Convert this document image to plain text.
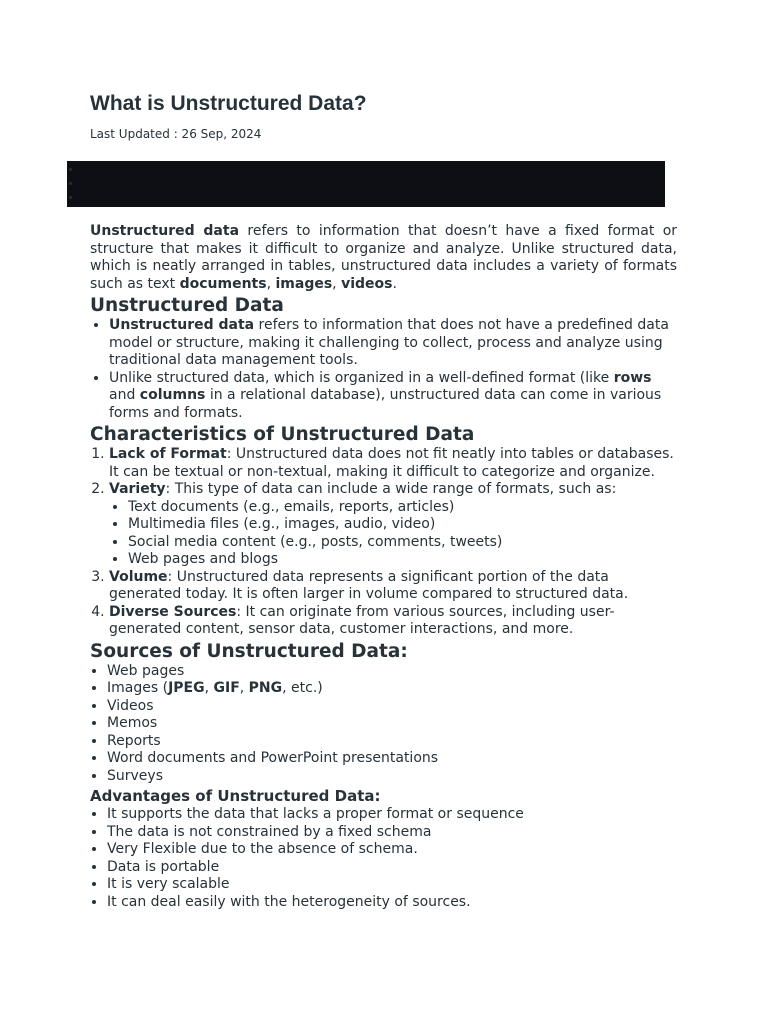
What is Unstructured Data?
Last Updated : 26 Sep, 2024

Unstructured data refers to information that doesn’t have a fixed format or structure that makes it difficult to organize and analyze. Unlike structured data, which is neatly arranged in tables, unstructured data includes a variety of formats such as text documents, images, videos.

Unstructured Data
• Unstructured data refers to information that does not have a predefined data model or structure, making it challenging to collect, process and analyze using traditional data management tools.
• Unlike structured data, which is organized in a well-defined format (like rows and columns in a relational database), unstructured data can come in various forms and formats.
Characteristics of Unstructured Data
1. Lack of Format: Unstructured data does not fit neatly into tables or databases. It can be textual or non-textual, making it difficult to categorize and organize.
2. Variety: This type of data can include a wide range of formats, such as:
• Text documents (e.g., emails, reports, articles)
• Multimedia files (e.g., images, audio, video)
• Social media content (e.g., posts, comments, tweets)
• Web pages and blogs
3. Volume: Unstructured data represents a significant portion of the data generated today. It is often larger in volume compared to structured data.
4. Diverse Sources: It can originate from various sources, including user-generated content, sensor data, customer interactions, and more.
Sources of Unstructured Data:
• Web pages
• Images (JPEG, GIF, PNG, etc.)
• Videos
• Memos
• Reports
• Word documents and PowerPoint presentations
• Surveys
Advantages of Unstructured Data:
• It supports the data that lacks a proper format or sequence
• The data is not constrained by a fixed schema
• Very Flexible due to the absence of schema.
• Data is portable
• It is very scalable
• It can deal easily with the heterogeneity of sources.
